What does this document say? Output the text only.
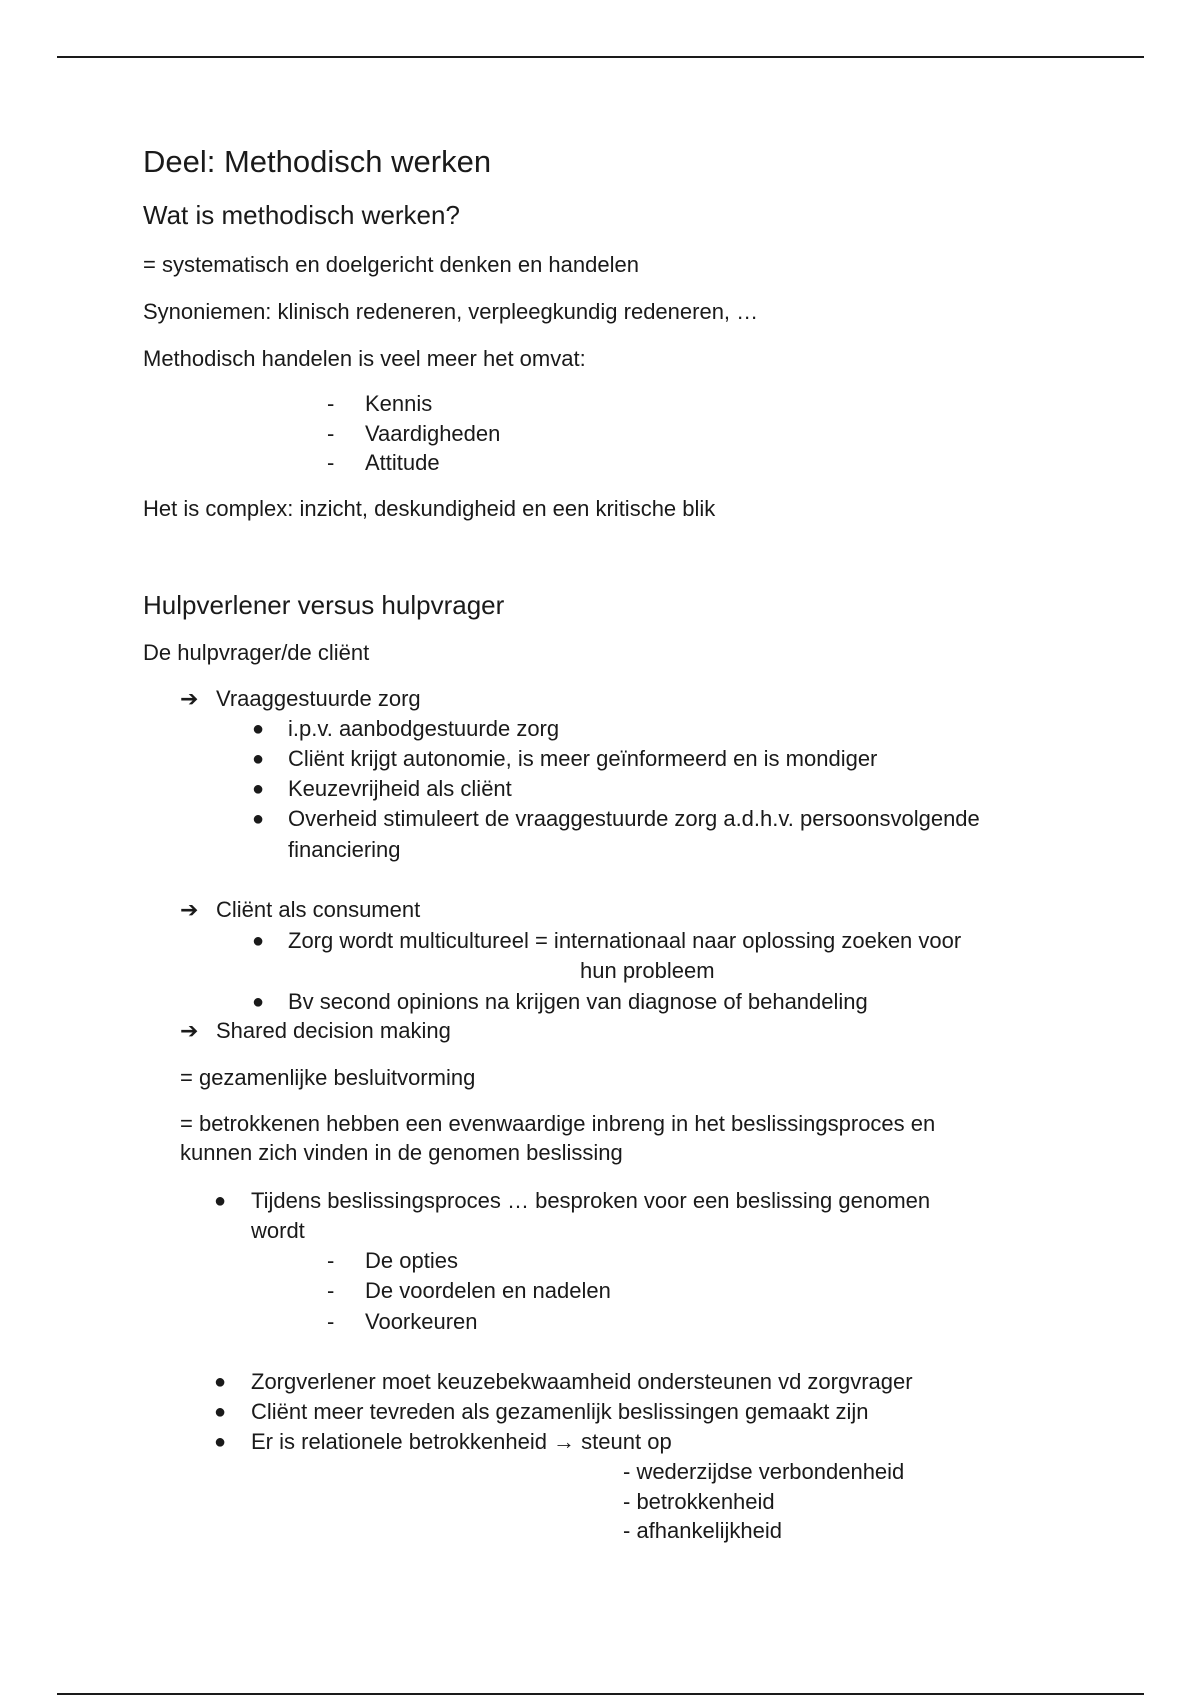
Deel: Methodisch werken
Wat is methodisch werken?
= systematisch en doelgericht denken en handelen
Synoniemen: klinisch redeneren, verpleegkundig redeneren, …
Methodisch handelen is veel meer het omvat:
- Kennis
- Vaardigheden
- Attitude
Het is complex: inzicht, deskundigheid en een kritische blik
Hulpverlener versus hulpvrager
De hulpvrager/de cliënt
➔ Vraaggestuurde zorg
● i.p.v. aanbodgestuurde zorg
● Cliënt krijgt autonomie, is meer geïnformeerd en is mondiger
● Keuzevrijheid als cliënt
● Overheid stimuleert de vraaggestuurde zorg a.d.h.v. persoonsvolgende
financiering
➔ Cliënt als consument
● Zorg wordt multicultureel = internationaal naar oplossing zoeken voor
hun probleem
● Bv second opinions na krijgen van diagnose of behandeling
➔ Shared decision making
= gezamenlijke besluitvorming
= betrokkenen hebben een evenwaardige inbreng in het beslissingsproces en
kunnen zich vinden in de genomen beslissing
● Tijdens beslissingsproces … besproken voor een beslissing genomen
wordt
- De opties
- De voordelen en nadelen
- Voorkeuren
● Zorgverlener moet keuzebekwaamheid ondersteunen vd zorgvrager
● Cliënt meer tevreden als gezamenlijk beslissingen gemaakt zijn
● Er is relationele betrokkenheid → steunt op
- wederzijdse verbondenheid
- betrokkenheid
- afhankelijkheid
